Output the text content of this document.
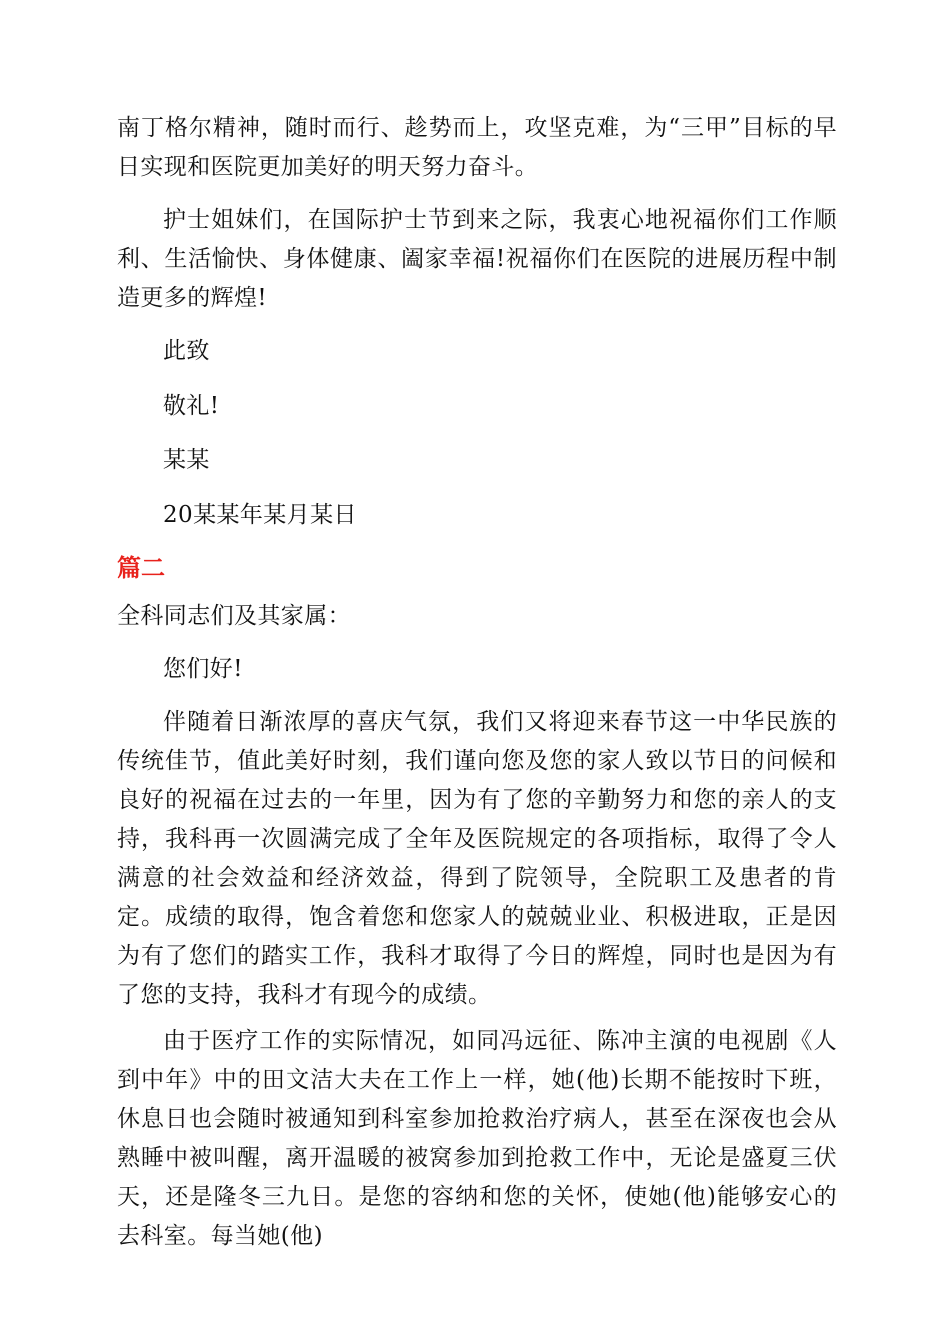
南丁格尔精神，随时而行、趁势而上，攻坚克难，为“三甲”目标的早日实现和医院更加美好的明天努力奋斗。

护士姐妹们，在国际护士节到来之际，我衷心地祝福你们工作顺利、生活愉快、身体健康、阖家幸福!祝福你们在医院的进展历程中制造更多的辉煌!

此致

敬礼!

某某

20某某年某月某日

篇二

全科同志们及其家属：

您们好!

伴随着日渐浓厚的喜庆气氛，我们又将迎来春节这一中华民族的传统佳节，值此美好时刻，我们谨向您及您的家人致以节日的问候和良好的祝福在过去的一年里，因为有了您的辛勤努力和您的亲人的支持，我科再一次圆满完成了全年及医院规定的各项指标，取得了令人满意的社会效益和经济效益，得到了院领导，全院职工及患者的肯定。成绩的取得，饱含着您和您家人的兢兢业业、积极进取，正是因为有了您们的踏实工作，我科才取得了今日的辉煌，同时也是因为有了您的支持，我科才有现今的成绩。

由于医疗工作的实际情况，如同冯远征、陈冲主演的电视剧《人到中年》中的田文洁大夫在工作上一样，她(他)长期不能按时下班，休息日也会随时被通知到科室参加抢救治疗病人，甚至在深夜也会从熟睡中被叫醒，离开温暖的被窝参加到抢救工作中，无论是盛夏三伏天，还是隆冬三九日。是您的容纳和您的关怀，使她(他)能够安心的去科室。每当她(他)
